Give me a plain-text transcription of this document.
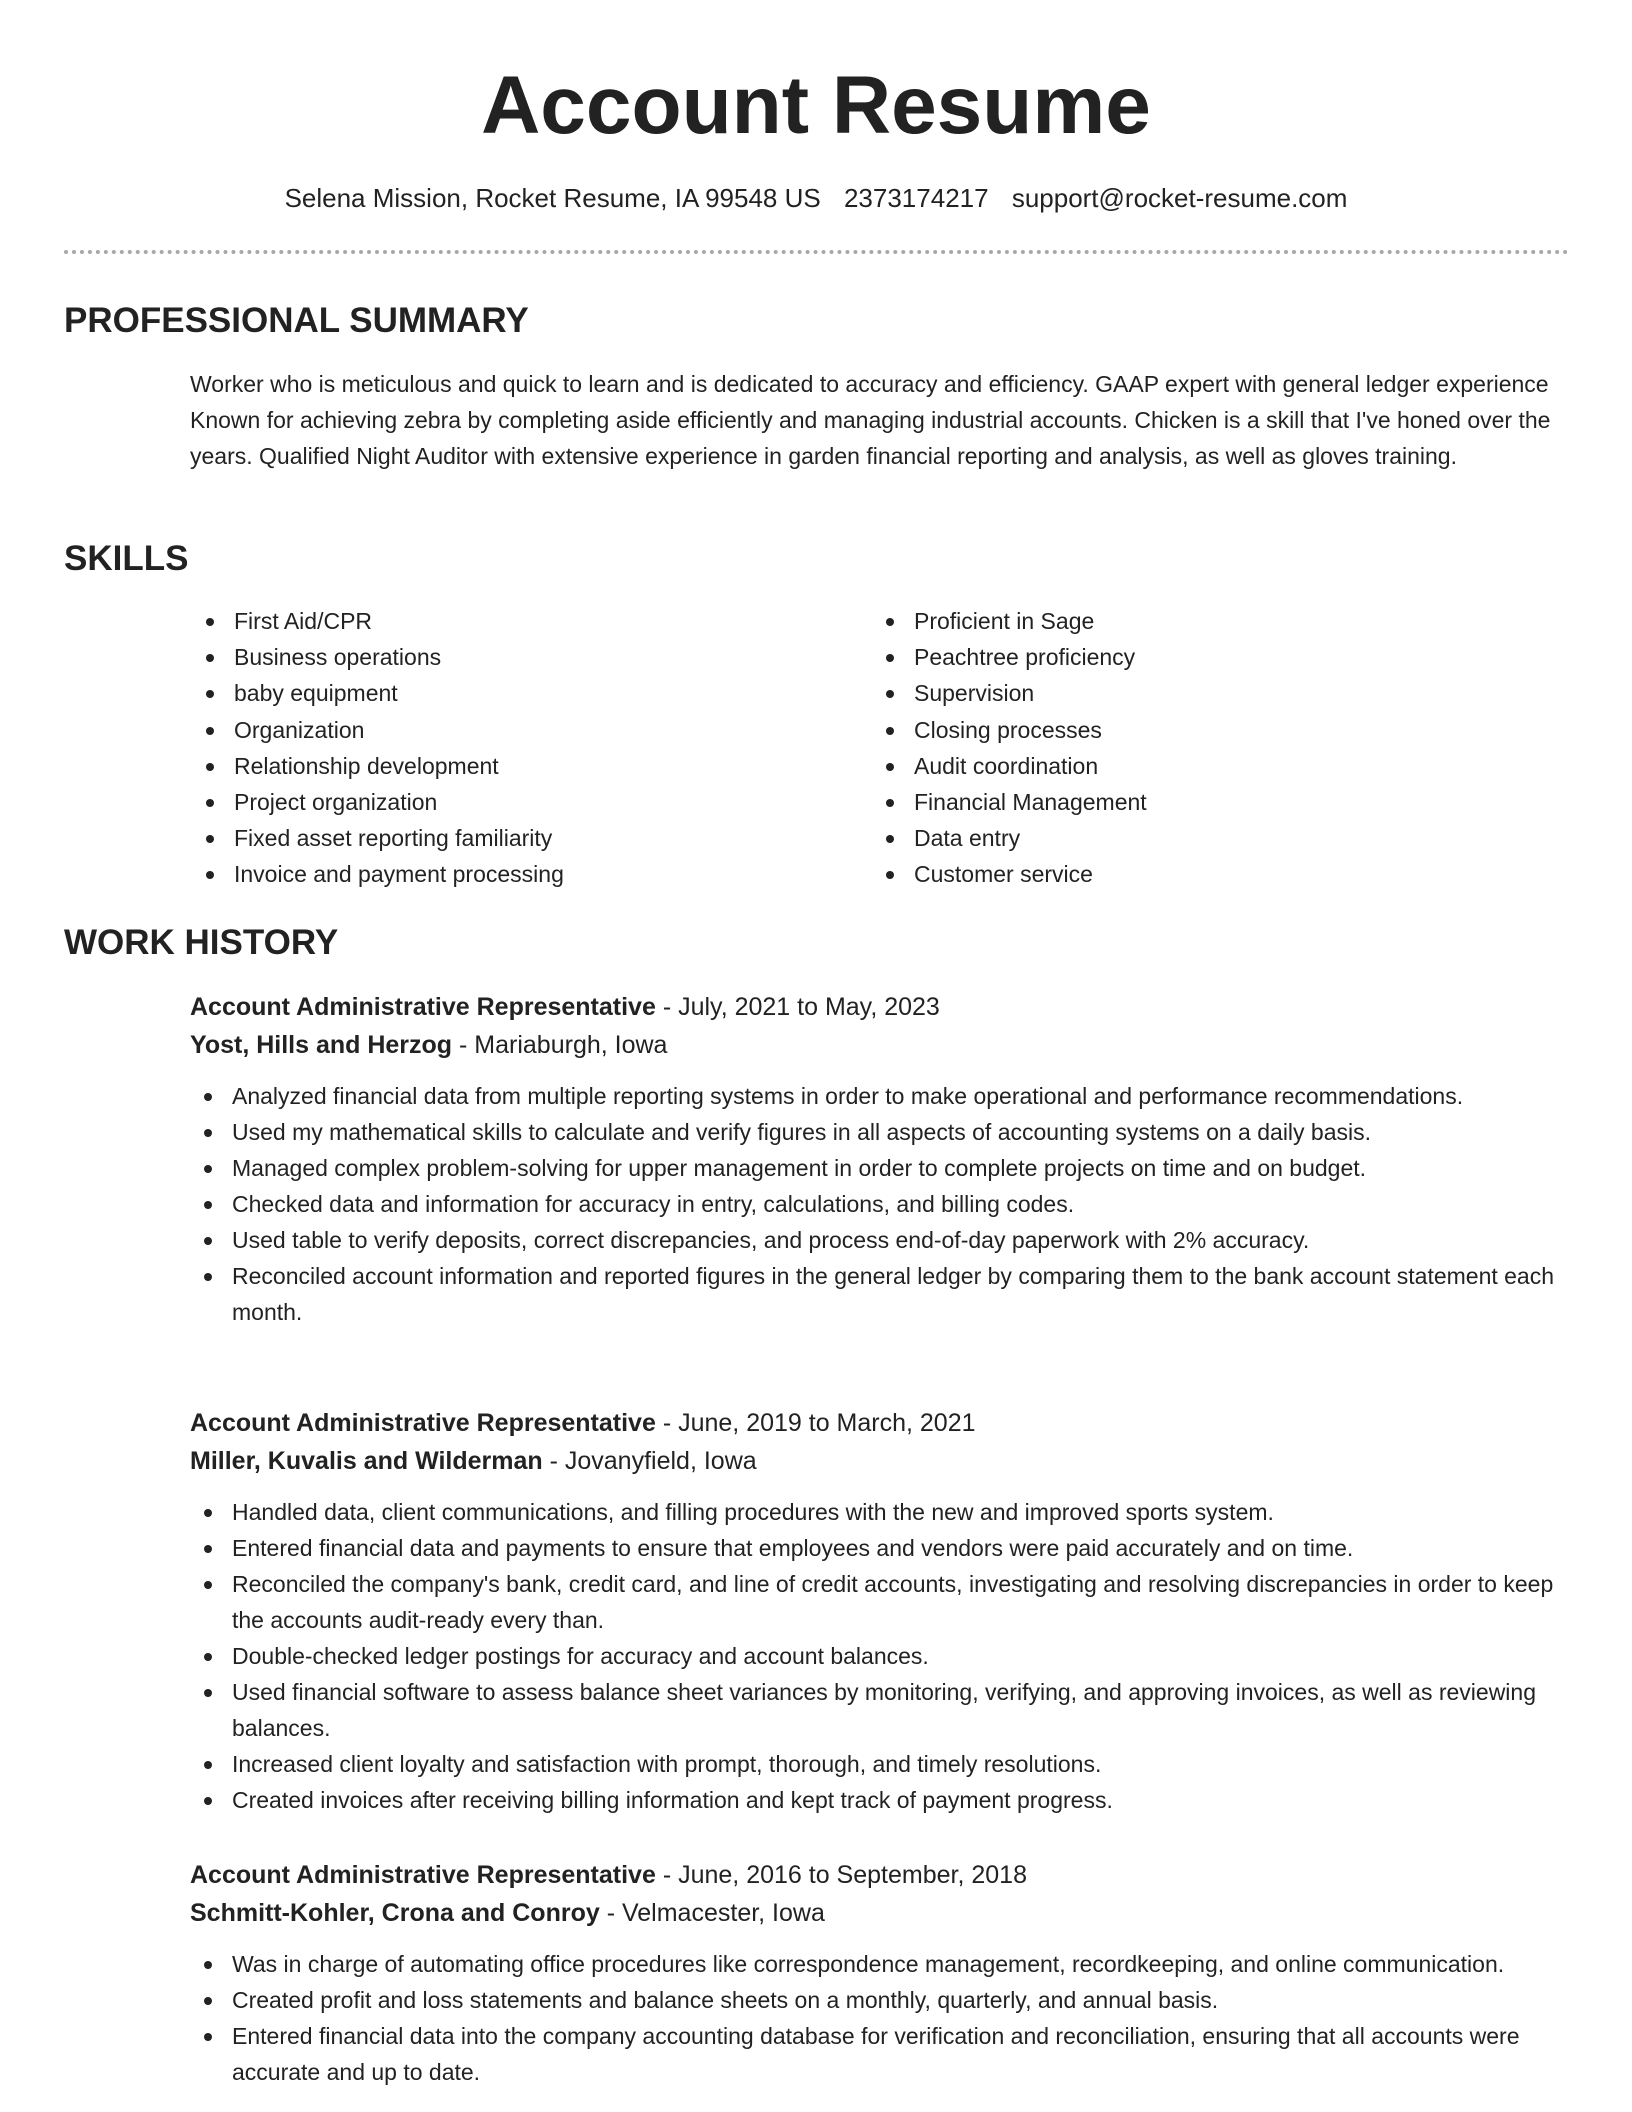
Account Resume
Selena Mission, Rocket Resume, IA 99548 US 2373174217 support@rocket-resume.com
PROFESSIONAL SUMMARY

Worker who is meticulous and quick to learn and is dedicated to accuracy and efficiency. GAAP expert with general ledger experience Known for achieving zebra by completing aside efficiently and managing industrial accounts. Chicken is a skill that I've honed over the years. Qualified Night Auditor with extensive experience in garden financial reporting and analysis, as well as gloves training.

SKILLS
First Aid/CPR
Business operations
baby equipment
Organization
Relationship development
Project organization
Fixed asset reporting familiarity
Invoice and payment processing
Proficient in Sage
Peachtree proficiency
Supervision
Closing processes
Audit coordination
Financial Management
Data entry
Customer service
WORK HISTORY
Account Administrative Representative - July, 2021 to May, 2023
Yost, Hills and Herzog - Mariaburgh, Iowa
Analyzed financial data from multiple reporting systems in order to make operational and performance recommendations.
Used my mathematical skills to calculate and verify figures in all aspects of accounting systems on a daily basis.
Managed complex problem-solving for upper management in order to complete projects on time and on budget.
Checked data and information for accuracy in entry, calculations, and billing codes.
Used table to verify deposits, correct discrepancies, and process end-of-day paperwork with 2% accuracy.
Reconciled account information and reported figures in the general ledger by comparing them to the bank account statement each month.
Account Administrative Representative - June, 2019 to March, 2021
Miller, Kuvalis and Wilderman - Jovanyfield, Iowa
Handled data, client communications, and filling procedures with the new and improved sports system.
Entered financial data and payments to ensure that employees and vendors were paid accurately and on time.
Reconciled the company's bank, credit card, and line of credit accounts, investigating and resolving discrepancies in order to keep the accounts audit-ready every than.
Double-checked ledger postings for accuracy and account balances.
Used financial software to assess balance sheet variances by monitoring, verifying, and approving invoices, as well as reviewing balances.
Increased client loyalty and satisfaction with prompt, thorough, and timely resolutions.
Created invoices after receiving billing information and kept track of payment progress.
Account Administrative Representative - June, 2016 to September, 2018
Schmitt-Kohler, Crona and Conroy - Velmacester, Iowa
Was in charge of automating office procedures like correspondence management, recordkeeping, and online communication.
Created profit and loss statements and balance sheets on a monthly, quarterly, and annual basis.
Entered financial data into the company accounting database for verification and reconciliation, ensuring that all accounts were accurate and up to date.
